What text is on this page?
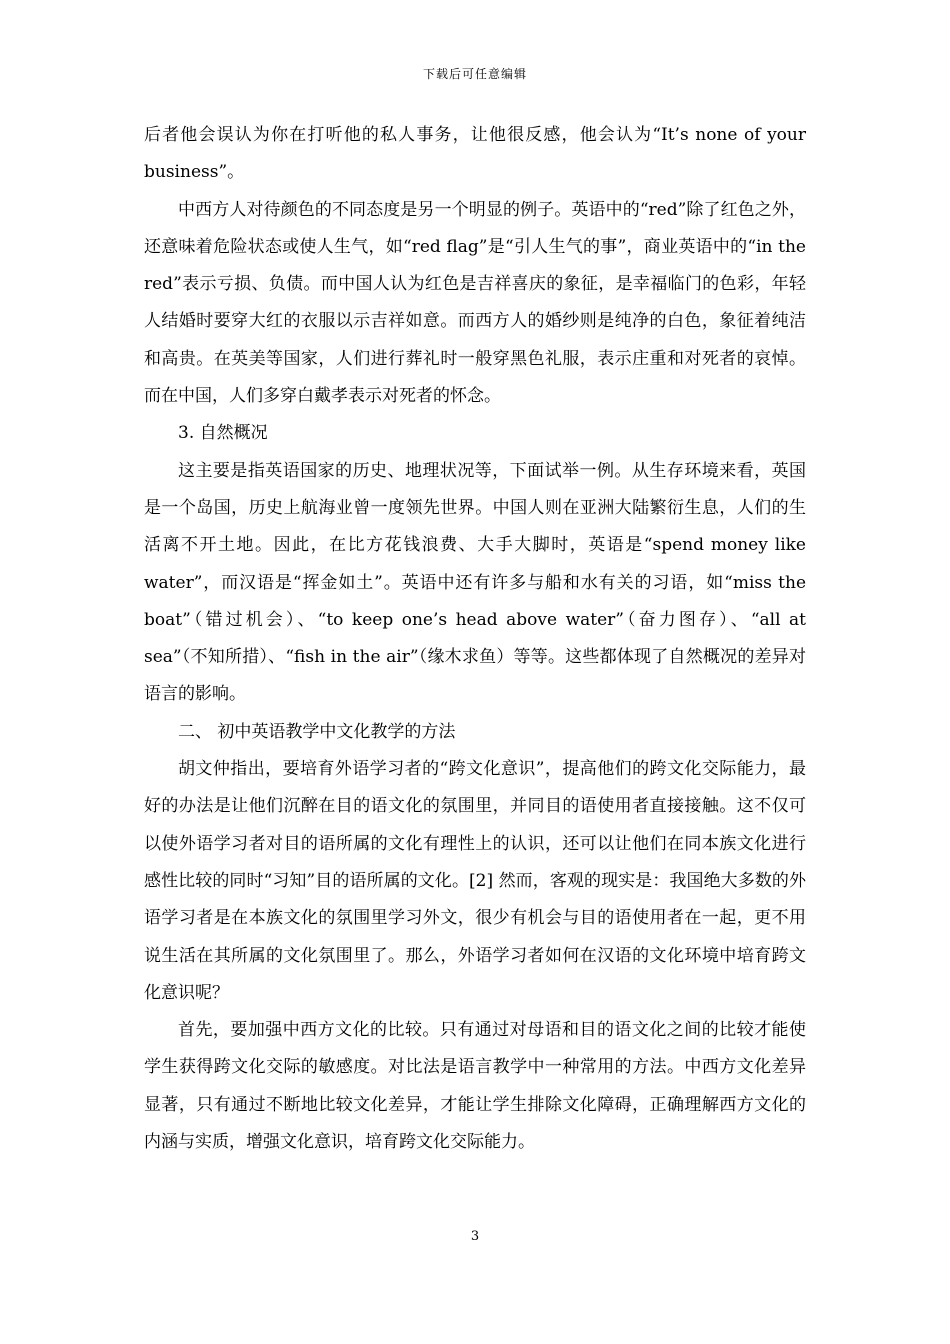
下载后可任意编辑

后者他会误认为你在打听他的私人事务，让他很反感，他会认为“It’s none of your business”。

中西方人对待颜色的不同态度是另一个明显的例子。英语中的“red”除了红色之外，还意味着危险状态或使人生气，如“red flag”是“引人生气的事”，商业英语中的“in the red”表示亏损、负债。而中国人认为红色是吉祥喜庆的象征，是幸福临门的色彩，年轻人结婚时要穿大红的衣服以示吉祥如意。而西方人的婚纱则是纯净的白色，象征着纯洁和高贵。在英美等国家，人们进行葬礼时一般穿黑色礼服，表示庄重和对死者的哀悼。而在中国，人们多穿白戴孝表示对死者的怀念。

3. 自然概况

这主要是指英语国家的历史、地理状况等，下面试举一例。从生存环境来看，英国是一个岛国，历史上航海业曾一度领先世界。中国人则在亚洲大陆繁衍生息，人们的生活离不开土地。因此，在比方花钱浪费、大手大脚时，英语是“spend money like water”，而汉语是“挥金如土”。英语中还有许多与船和水有关的习语，如“miss the boat”（错过机会）、“to keep one’s head above water”（奋力图存）、“all at sea”（不知所措）、“fish in the air”（缘木求鱼）等等。这些都体现了自然概况的差异对语言的影响。

二、 初中英语教学中文化教学的方法

胡文仲指出，要培育外语学习者的“跨文化意识”，提高他们的跨文化交际能力，最好的办法是让他们沉醉在目的语文化的氛围里，并同目的语使用者直接接触。这不仅可以使外语学习者对目的语所属的文化有理性上的认识，还可以让他们在同本族文化进行感性比较的同时“习知”目的语所属的文化。[2] 然而，客观的现实是：我国绝大多数的外语学习者是在本族文化的氛围里学习外文，很少有机会与目的语使用者在一起，更不用说生活在其所属的文化氛围里了。那么，外语学习者如何在汉语的文化环境中培育跨文化意识呢？

首先，要加强中西方文化的比较。只有通过对母语和目的语文化之间的比较才能使学生获得跨文化交际的敏感度。对比法是语言教学中一种常用的方法。中西方文化差异显著，只有通过不断地比较文化差异，才能让学生排除文化障碍，正确理解西方文化的内涵与实质，增强文化意识，培育跨文化交际能力。

3
